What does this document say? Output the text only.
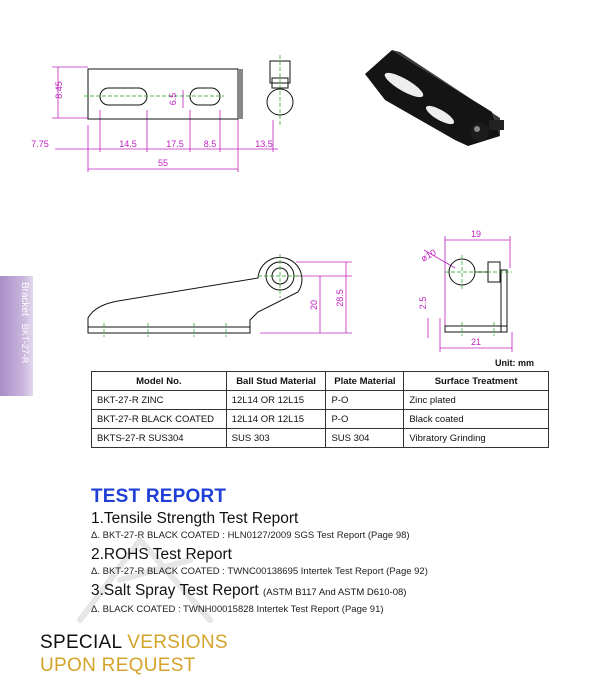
BracketBKT-27-R
8.45
6.5
7.75	14.5	17.5 8.5	13.5
55
20 28.5
19
ø10
2.5
21
Unit: mm
Model No.	Ball Stud Material	Plate Material	Surface Treatment
BKT-27-R ZINC	12L14 OR 12L15	P-O	Zinc plated
BKT-27-R BLACK COATED	12L14 OR 12L15	P-O	Black coated
BKTS-27-R SUS304	SUS 303	SUS 304	Vibratory Grinding
TEST REPORT
1.Tensile Strength Test Report
Δ. BKT-27-R BLACK COATED : HLN0127/2009 SGS Test Report (Page 98)
2.ROHS Test Report
Δ. BKT-27-R BLACK COATED : TWNC00138695 Intertek Test Report (Page 92)
3.Salt Spray Test Report (ASTM B117 And ASTM D610-08)
Δ. BLACK COATED : TWNH00015828 Intertek Test Report (Page 91)
SPECIAL VERSIONS
UPON REQUEST
